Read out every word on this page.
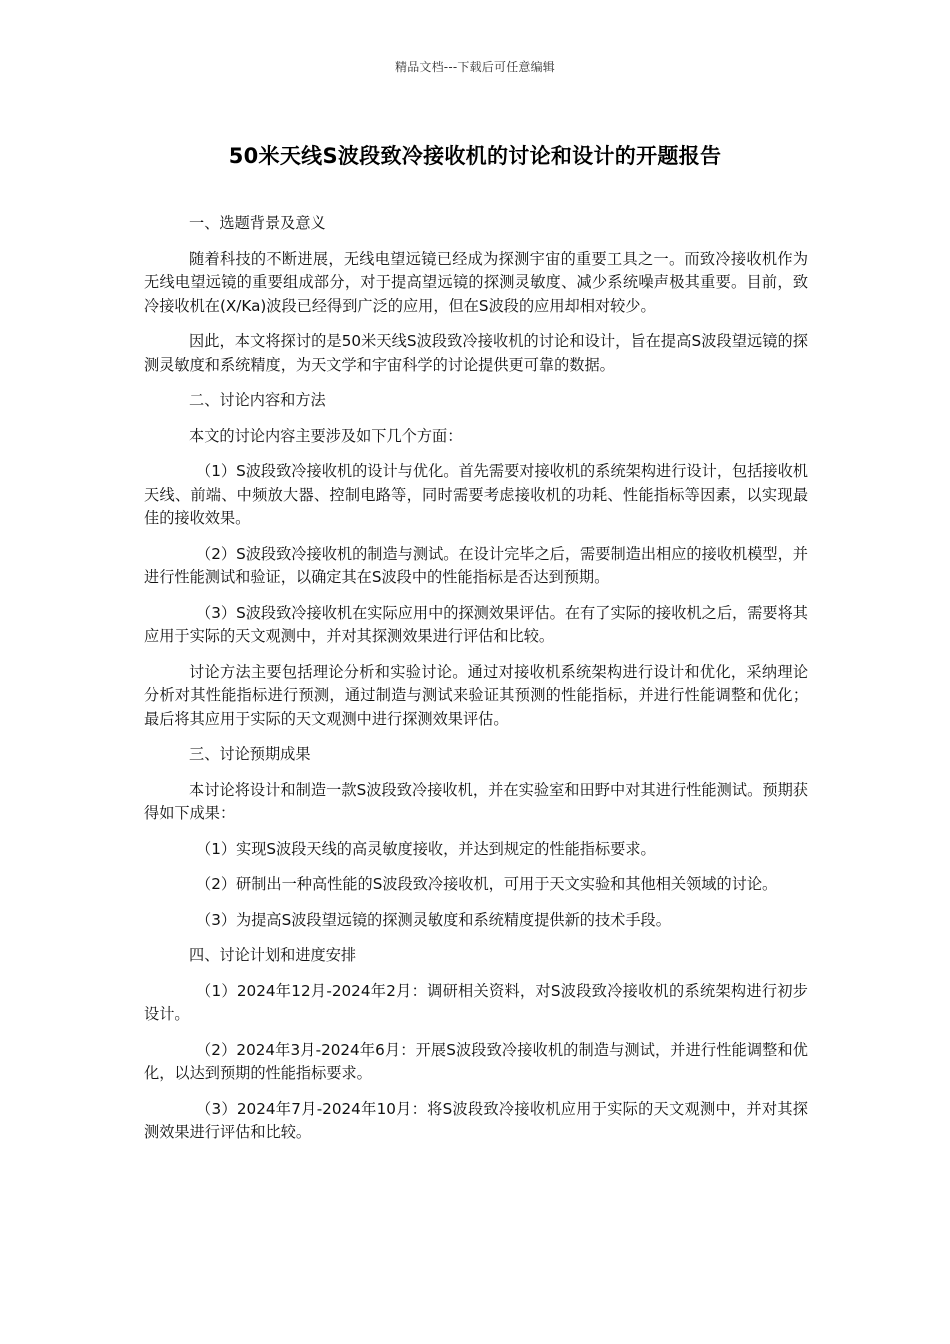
精品文档---下载后可任意编辑
50米天线S波段致冷接收机的讨论和设计的开题报告

一、选题背景及意义

随着科技的不断进展，无线电望远镜已经成为探测宇宙的重要工具之一。而致冷接收机作为无线电望远镜的重要组成部分，对于提高望远镜的探测灵敏度、减少系统噪声极其重要。目前，致冷接收机在(X/Ka)波段已经得到广泛的应用，但在S波段的应用却相对较少。

因此，本文将探讨的是50米天线S波段致冷接收机的讨论和设计，旨在提高S波段望远镜的探测灵敏度和系统精度，为天文学和宇宙科学的讨论提供更可靠的数据。

二、讨论内容和方法

本文的讨论内容主要涉及如下几个方面：

（1）S波段致冷接收机的设计与优化。首先需要对接收机的系统架构进行设计，包括接收机天线、前端、中频放大器、控制电路等，同时需要考虑接收机的功耗、性能指标等因素，以实现最佳的接收效果。

（2）S波段致冷接收机的制造与测试。在设计完毕之后，需要制造出相应的接收机模型，并进行性能测试和验证，以确定其在S波段中的性能指标是否达到预期。

（3）S波段致冷接收机在实际应用中的探测效果评估。在有了实际的接收机之后，需要将其应用于实际的天文观测中，并对其探测效果进行评估和比较。

讨论方法主要包括理论分析和实验讨论。通过对接收机系统架构进行设计和优化，采纳理论分析对其性能指标进行预测，通过制造与测试来验证其预测的性能指标，并进行性能调整和优化；最后将其应用于实际的天文观测中进行探测效果评估。

三、讨论预期成果

本讨论将设计和制造一款S波段致冷接收机，并在实验室和田野中对其进行性能测试。预期获得如下成果：

（1）实现S波段天线的高灵敏度接收，并达到规定的性能指标要求。

（2）研制出一种高性能的S波段致冷接收机，可用于天文实验和其他相关领域的讨论。

（3）为提高S波段望远镜的探测灵敏度和系统精度提供新的技术手段。

四、讨论计划和进度安排

（1）2024年12月-2024年2月：调研相关资料，对S波段致冷接收机的系统架构进行初步设计。

（2）2024年3月-2024年6月：开展S波段致冷接收机的制造与测试，并进行性能调整和优化，以达到预期的性能指标要求。

（3）2024年7月-2024年10月：将S波段致冷接收机应用于实际的天文观测中，并对其探测效果进行评估和比较。
